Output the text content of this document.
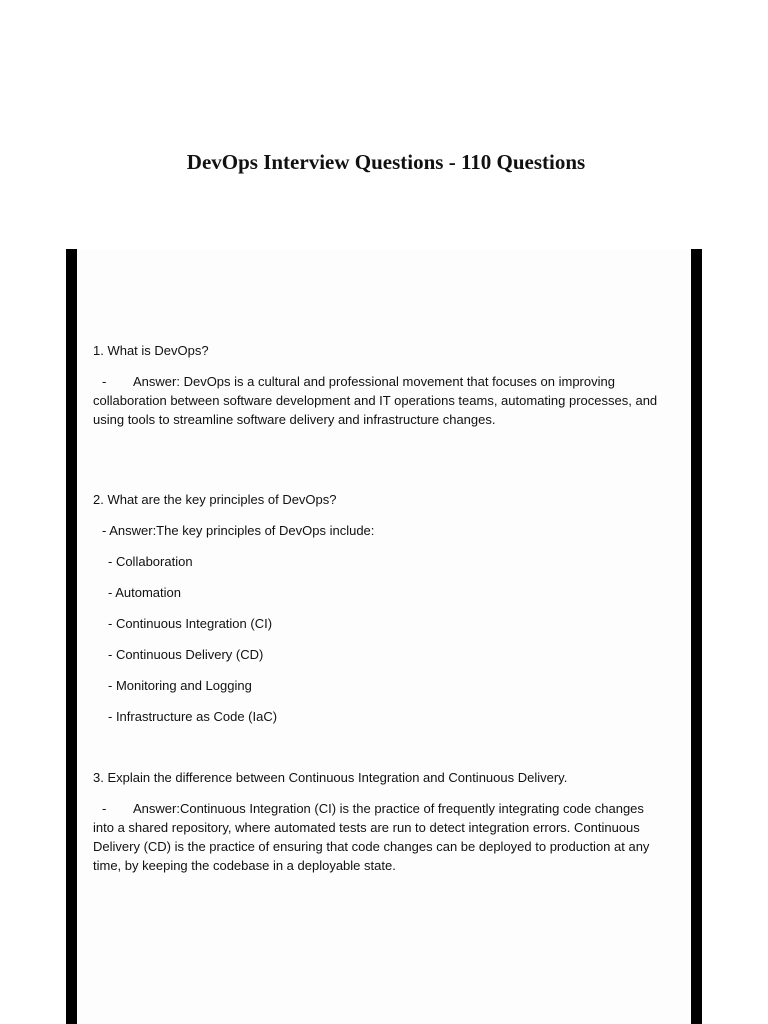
DevOps Interview Questions - 110 Questions

1. What is DevOps?

- Answer: DevOps is a cultural and professional movement that focuses on improving collaboration between software development and IT operations teams, automating processes, and using tools to streamline software delivery and infrastructure changes.

2. What are the key principles of DevOps?

- Answer:The key principles of DevOps include:

- Collaboration
- Automation
- Continuous Integration (CI)
- Continuous Delivery (CD)
- Monitoring and Logging
- Infrastructure as Code (IaC)

3. Explain the difference between Continuous Integration and Continuous Delivery.

- Answer:Continuous Integration (CI) is the practice of frequently integrating code changes into a shared repository, where automated tests are run to detect integration errors. Continuous Delivery (CD) is the practice of ensuring that code changes can be deployed to production at any time, by keeping the codebase in a deployable state.
